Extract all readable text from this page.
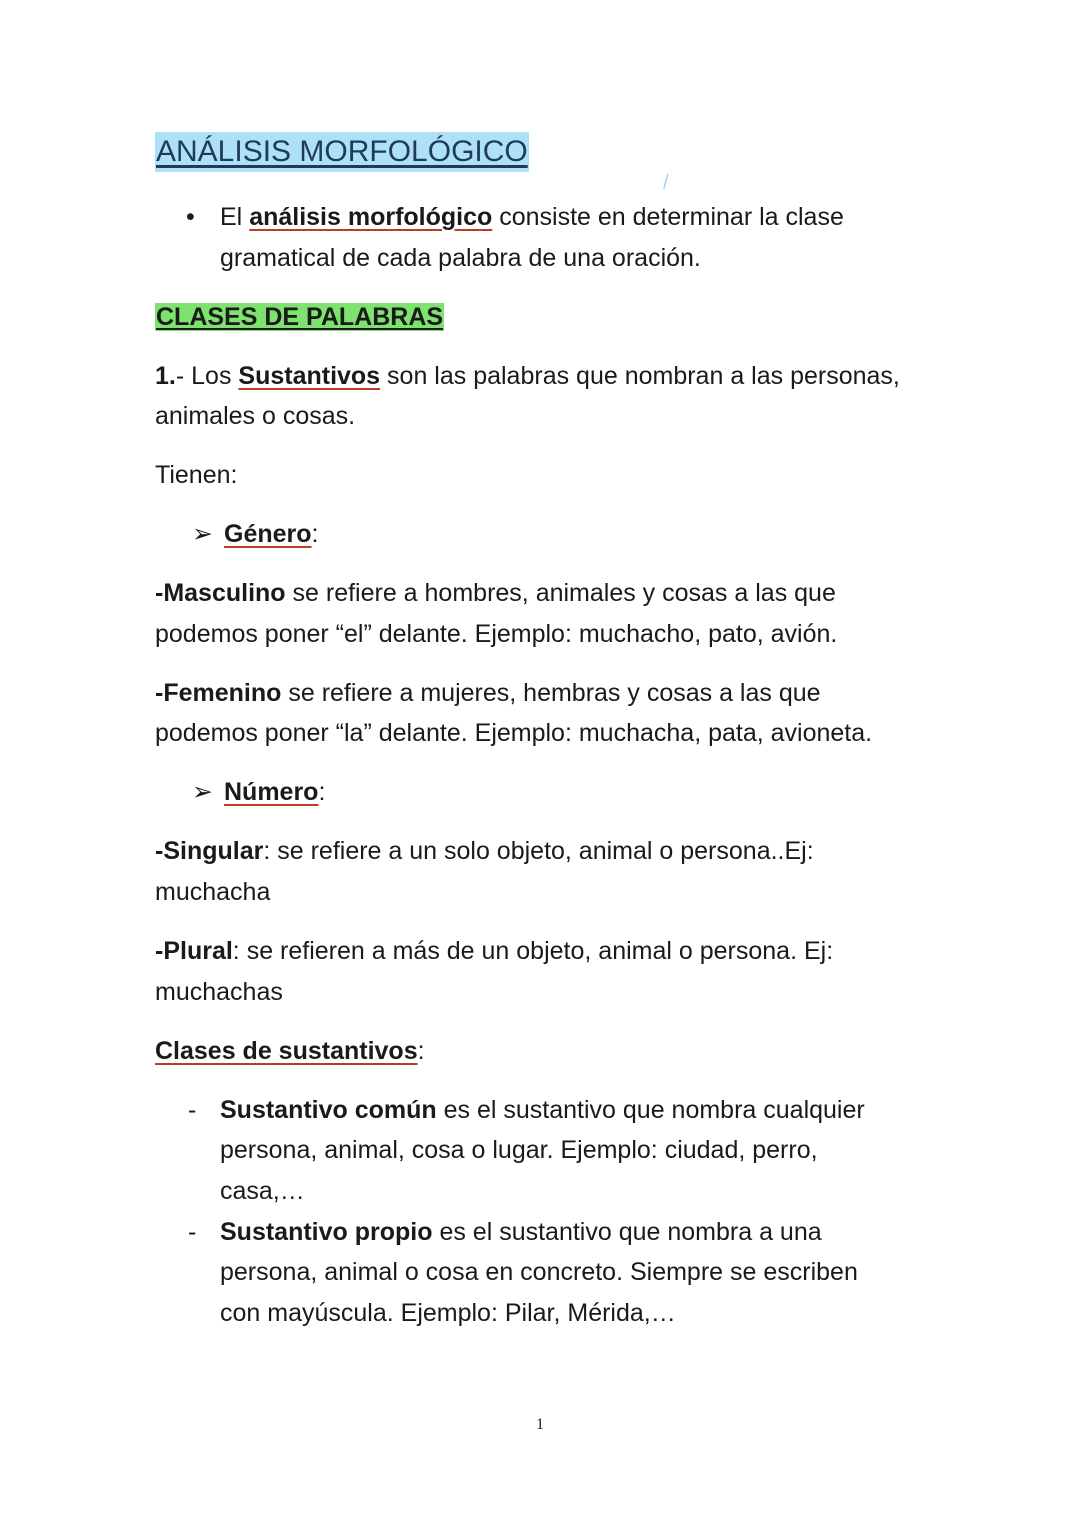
ANÁLISIS MORFOLÓGICO
/
• El análisis morfológico consiste en determinar la clase
gramatical de cada palabra de una oración.
CLASES DE PALABRAS
1.- Los Sustantivos son las palabras que nombran a las personas,
animales o cosas.
Tienen:
➢ Género:
-Masculino se refiere a hombres, animales y cosas a las que
podemos poner “el” delante. Ejemplo: muchacho, pato, avión.
-Femenino se refiere a mujeres, hembras y cosas a las que
podemos poner “la” delante. Ejemplo: muchacha, pata, avioneta.
➢ Número:
-Singular: se refiere a un solo objeto, animal o persona..Ej:
muchacha
-Plural: se refieren a más de un objeto, animal o persona. Ej:
muchachas
Clases de sustantivos:
- Sustantivo común es el sustantivo que nombra cualquier
persona, animal, cosa o lugar. Ejemplo: ciudad, perro,
casa,…
- Sustantivo propio es el sustantivo que nombra a una
persona, animal o cosa en concreto. Siempre se escriben
con mayúscula. Ejemplo: Pilar, Mérida,…
1
